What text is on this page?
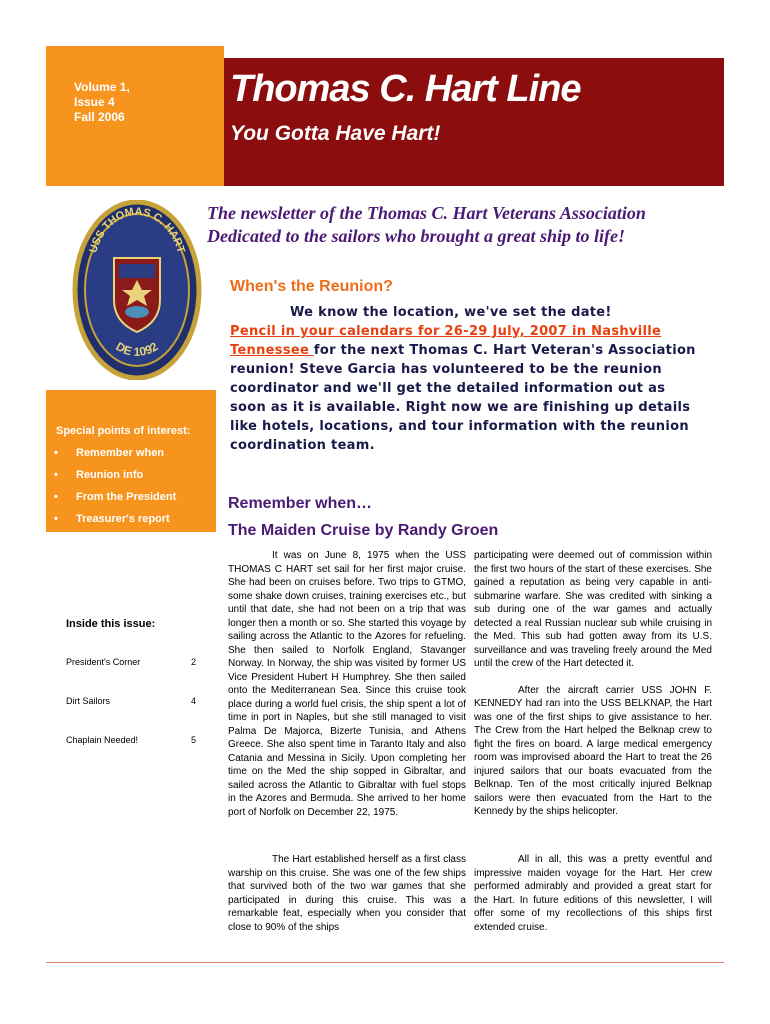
Volume 1,
Issue 4
Fall 2006
Thomas C. Hart Line
You Gotta Have Hart!
The newsletter of the Thomas C. Hart Veterans Association
Dedicated to the sailors who brought a great ship to life!
USS THOMAS C. HART
DE 1092
Special points of interest:
•	Remember when
•	Reunion info
•	From the President
•	Treasurer's report
•	Dirt Sailors
Inside this issue:
President's Corner	2
Dirt Sailors	4
Chaplain Needed!	5
When's the Reunion?
We know the location, we've set the date!
Pencil in your calendars for 26-29 July, 2007 in Nashville Tennessee for the next Thomas C. Hart Veteran's Association reunion! Steve Garcia has volunteered to be the reunion coordinator and we'll get the detailed information out as soon as it is available. Right now we are finishing up details like hotels, locations, and tour information with the reunion coordination team.
Remember when…
The Maiden Cruise by Randy Groen

It was on June 8, 1975 when the USS THOMAS C HART set sail for her first major cruise. She had been on cruises before. Two trips to GTMO, some shake down cruises, training exercises etc., but until that date, she had not been on a trip that was longer then a month or so. She started this voyage by sailing across the Atlantic to the Azores for refueling. She then sailed to Norfolk England, Stavanger Norway. In Norway, the ship was visited by former US Vice President Hubert H Humphrey. She then sailed onto the Mediterranean Sea. Since this cruise took place during a world fuel crisis, the ship spent a lot of time in port in Naples, but she still managed to visit Palma De Majorca, Bizerte Tunisia, and Athens Greece. She also spent time in Taranto Italy and also Catania and Messina in Sicily. Upon completing her time on the Med the ship sopped in Gibraltar, and sailed across the Atlantic to Gibraltar with fuel stops in the Azores and Bermuda. She arrived to her home port of Norfolk on December 22, 1975.

The Hart established herself as a first class warship on this cruise. She was one of the few ships that survived both of the two war games that she participated in during this cruise. This was a remarkable feat, especially when you consider that close to 90% of the ships

participating were deemed out of commission within the first two hours of the start of these exercises. She gained a reputation as being very capable in anti-submarine warfare. She was credited with sinking a sub during one of the war games and actually detected a real Russian nuclear sub while cruising in the Med. This sub had gotten away from its U.S. surveillance and was traveling freely around the Med until the crew of the Hart detected it.

After the aircraft carrier USS JOHN F. KENNEDY had ran into the USS BELKNAP, the Hart was one of the first ships to give assistance to her. The Crew from the Hart helped the Belknap crew to fight the fires on board. A large medical emergency room was improvised aboard the Hart to treat the 26 injured sailors that our boats evacuated from the Belknap. Ten of the most critically injured Belknap sailors were then evacuated from the Hart to the Kennedy by the ships helicopter.

All in all, this was a pretty eventful and impressive maiden voyage for the Hart. Her crew performed admirably and provided a great start for the Hart. In future editions of this newsletter, I will offer some of my recollections of this ships first extended cruise.
